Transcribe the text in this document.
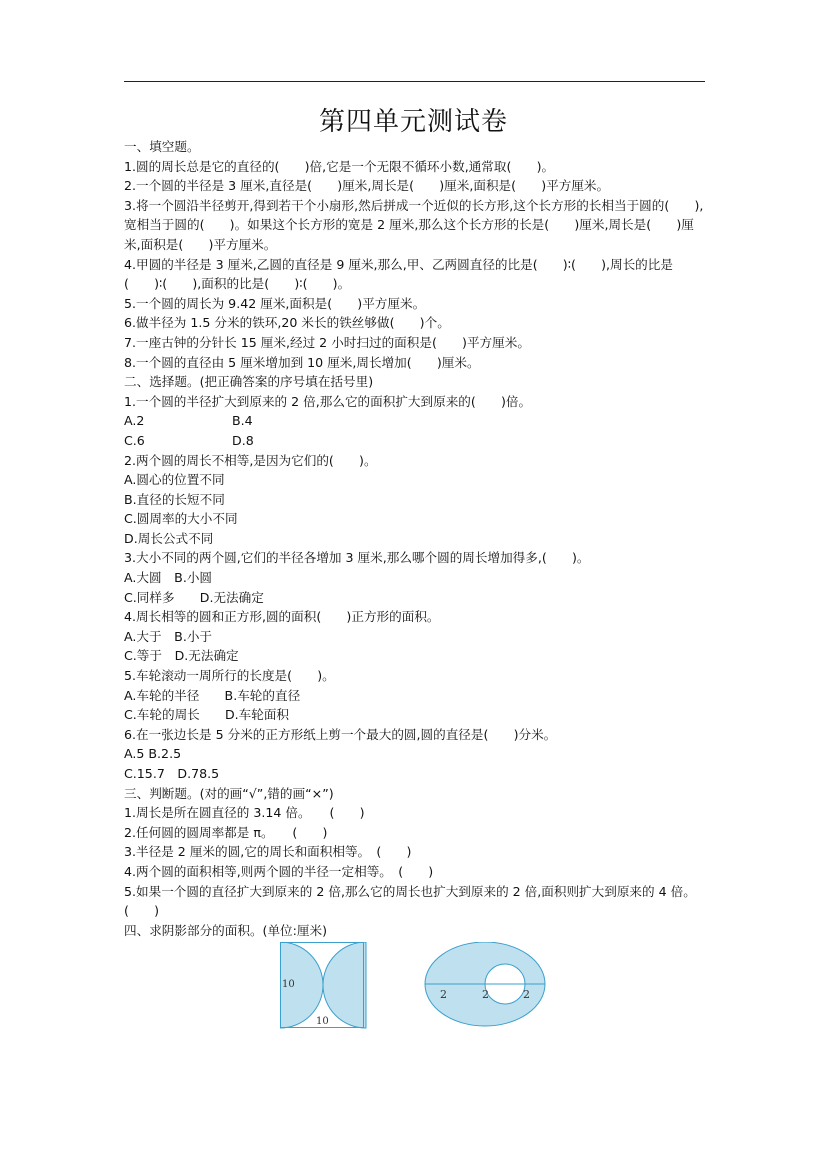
第四单元测试卷
一、填空题。
1.圆的周长总是它的直径的(　　)倍,它是一个无限不循环小数,通常取(　　)。
2.一个圆的半径是 3 厘米,直径是(　　)厘米,周长是(　　)厘米,面积是(　　)平方厘米。
3.将一个圆沿半径剪开,得到若干个小扇形,然后拼成一个近似的长方形,这个长方形的长相当于圆的(　　),宽相当于圆的(　　)。如果这个长方形的宽是 2 厘米,那么这个长方形的长是(　　)厘米,周长是(　　)厘米,面积是(　　)平方厘米。
4.甲圆的半径是 3 厘米,乙圆的直径是 9 厘米,那么,甲、乙两圆直径的比是(　　)∶(　　),周长的比是(　　)∶(　　),面积的比是(　　)∶(　　)。
5.一个圆的周长为 9.42 厘米,面积是(　　)平方厘米。
6.做半径为 1.5 分米的铁环,20 米长的铁丝够做(　　)个。
7.一座古钟的分针长 15 厘米,经过 2 小时扫过的面积是(　　)平方厘米。
8.一个圆的直径由 5 厘米增加到 10 厘米,周长增加(　　)厘米。
二、选择题。(把正确答案的序号填在括号里)
1.一个圆的半径扩大到原来的 2 倍,那么它的面积扩大到原来的(　　)倍。
A.2	B.4
C.6	D.8
2.两个圆的周长不相等,是因为它们的(　　)。
A.圆心的位置不同
B.直径的长短不同
C.圆周率的大小不同
D.周长公式不同
3.大小不同的两个圆,它们的半径各增加 3 厘米,那么哪个圆的周长增加得多,(　　)。
A.大圆　B.小圆
C.同样多　　D.无法确定
4.周长相等的圆和正方形,圆的面积(　　)正方形的面积。
A.大于　B.小于
C.等于　D.无法确定
5.车轮滚动一周所行的长度是(　　)。
A.车轮的半径　　B.车轮的直径
C.车轮的周长　　D.车轮面积
6.在一张边长是 5 分米的正方形纸上剪一个最大的圆,圆的直径是(　　)分米。
A.5 B.2.5
C.15.7　D.78.5
三、判断题。(对的画“√”,错的画“×”)
1.周长是所在圆直径的 3.14 倍。　　(　　)
2.任何圆的圆周率都是 π。　　(　　)
3.半径是 2 厘米的圆,它的周长和面积相等。　(　　)
4.两个圆的面积相等,则两个圆的半径一定相等。　(　　)
5.如果一个圆的直径扩大到原来的 2 倍,那么它的周长也扩大到原来的 2 倍,面积则扩大到原来的 4 倍。　(　　)
四、求阴影部分的面积。(单位:厘米)
10
10
2	2	2
